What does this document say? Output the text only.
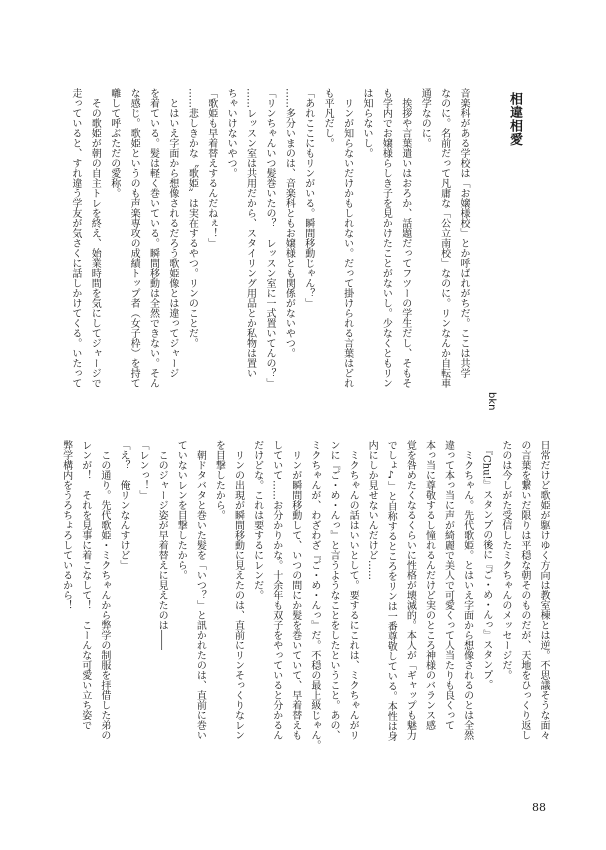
相違相愛
bkn
音楽科がある学校は「お嬢様校」とか呼ばれがちだ。ここは共学
なのに。名前だって凡庸な「公立南校」なのに。リンなんか自転車
通学なのに。
　挨拶や言葉遣いはおろか、話題だってフツーの学生だし、そもそ
も学内でお嬢様らしき子を見かけたことがないし。少なくともリン
は知らないし。
　リンが知らないだけかもしれない。だって掛けられる言葉はどれ
も平凡だし。
「あれここにもリンがいる。瞬間移動じゃん？」
……多分いまのは、音楽科ともお嬢様とも関係がないやつ。
「リンちゃんいつ髪巻いたの？　レッスン室に一式置いてんの？」
……レッスン室は共用だから、スタイリング用品とか私物は置い
ちゃいけないやつ。
「歌姫も早着替えするんだねぇ！」
……悲しきかな〝歌姫〟は実在するやつ。リンのことだ。
　とはいえ字面から想像されるだろう歌姫像とは違ってジャージ
を着ている。髪は軽く巻いている。瞬間移動は全然できない。そん
な感じ。歌姫というのも声楽専攻の成績トップ者（女子枠）を持て
囃して呼ぶただの愛称。
　その歌姫が朝の自主トレを終え、始業時間を気にしてジャージで
走っていると、すれ違う学友が気さくに話しかけてくる。いたって
日常だけど歌姫が駆けゆく方向は教室棟とは逆。不思議そうな面々
の言葉を繋いだ限りは平穏な朝そのものだが、天地をひっくり返し
たのは今しがた受信したミクちゃんのメッセージだ。
　『Chu!』スタンプの後に『ご・め・んっ』スタンプ。
　ミクちゃん。先代歌姫。とはいえ字面から想像されるのとは全然
違って本っ当に声が綺麗で美人で可愛くって人当たりも良くって
本っ当に尊敬するし憧れるんだけど実のところ神様のバランス感
覚を咎めたくなるくらいに性格が壊滅的。本人が「ギャップも魅力
でしょ♪」と自称するところをリンは一番尊敬している。本性は身
内にしか見せないんだけど……
　ミクちゃんの話はいいとして。要するにこれは、ミクちゃんがリ
ンに『ご・め・んっ』と言うようなことをしたということ。あの、
ミクちゃんが、わざわざ『ご・め・んっ』だ。不穏の最上級じゃん。
　リンが瞬間移動して、いつの間にか髪を巻いていて、早着替えも
していて……お分かりかな。十余年も双子をやっていると分かるん
だけどな。これは要するにレンだ。
　リンの出現が瞬間移動に見えたのは、直前にリンそっくりなレン
を目撃したから。
　朝ドタバタと巻いた髪を「いつ？」と訊かれたのは、直前に巻い
ていないレンを目撃したから。
　このジャージ姿が早着替えに見えたのは――
「レンっ！」
「え？　俺リンなんすけど」
　この通り。先代歌姫・ミクちゃんから弊学の制服を拝借した弟の
レンが！　それを見事に着こなして！　こーんな可愛い立ち姿で
弊学構内をうろちょろしているから！
88
